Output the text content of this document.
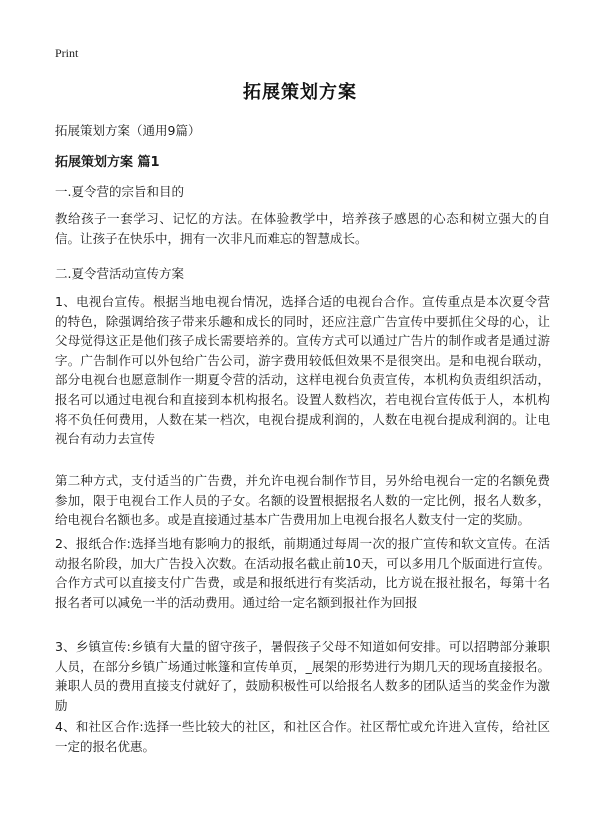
Print
拓展策划方案
拓展策划方案（通用9篇）
拓展策划方案 篇1
一.夏令营的宗旨和目的

教给孩子一套学习、记忆的方法。在体验教学中，培养孩子感恩的心态和树立强大的自信。让孩子在快乐中，拥有一次非凡而难忘的智慧成长。

二.夏令营活动宣传方案

1、电视台宣传。根据当地电视台情况，选择合适的电视台合作。宣传重点是本次夏令营的特色，除强调给孩子带来乐趣和成长的同时，还应注意广告宣传中要抓住父母的心，让父母觉得这正是他们孩子成长需要培养的。宣传方式可以通过广告片的制作或者是通过游字。广告制作可以外包给广告公司，游字费用较低但效果不是很突出。是和电视台联动，部分电视台也愿意制作一期夏令营的活动，这样电视台负责宣传，本机构负责组织活动，报名可以通过电视台和直接到本机构报名。设置人数档次，若电视台宣传低于人，本机构将不负任何费用，人数在某一档次，电视台提成利润的，人数在电视台提成利润的。让电视台有动力去宣传

第二种方式，支付适当的广告费，并允许电视台制作节目，另外给电视台一定的名额免费参加，限于电视台工作人员的子女。名额的设置根据报名人数的一定比例，报名人数多，给电视台名额也多。或是直接通过基本广告费用加上电视台报名人数支付一定的奖励。

2、报纸合作:选择当地有影响力的报纸，前期通过每周一次的报广宣传和软文宣传。在活动报名阶段，加大广告投入次数。在活动报名截止前10天，可以多用几个版面进行宣传。合作方式可以直接支付广告费，或是和报纸进行有奖活动，比方说在报社报名，每第十名报名者可以减免一半的活动费用。通过给一定名额到报社作为回报

3、乡镇宣传:乡镇有大量的留守孩子，暑假孩子父母不知道如何安排。可以招聘部分兼职人员，在部分乡镇广场通过帐篷和宣传单页，_展架的形势进行为期几天的现场直接报名。兼职人员的费用直接支付就好了，鼓励积极性可以给报名人数多的团队适当的奖金作为激励

4、和社区合作:选择一些比较大的社区，和社区合作。社区帮忙或允许进入宣传，给社区一定的报名优惠。
